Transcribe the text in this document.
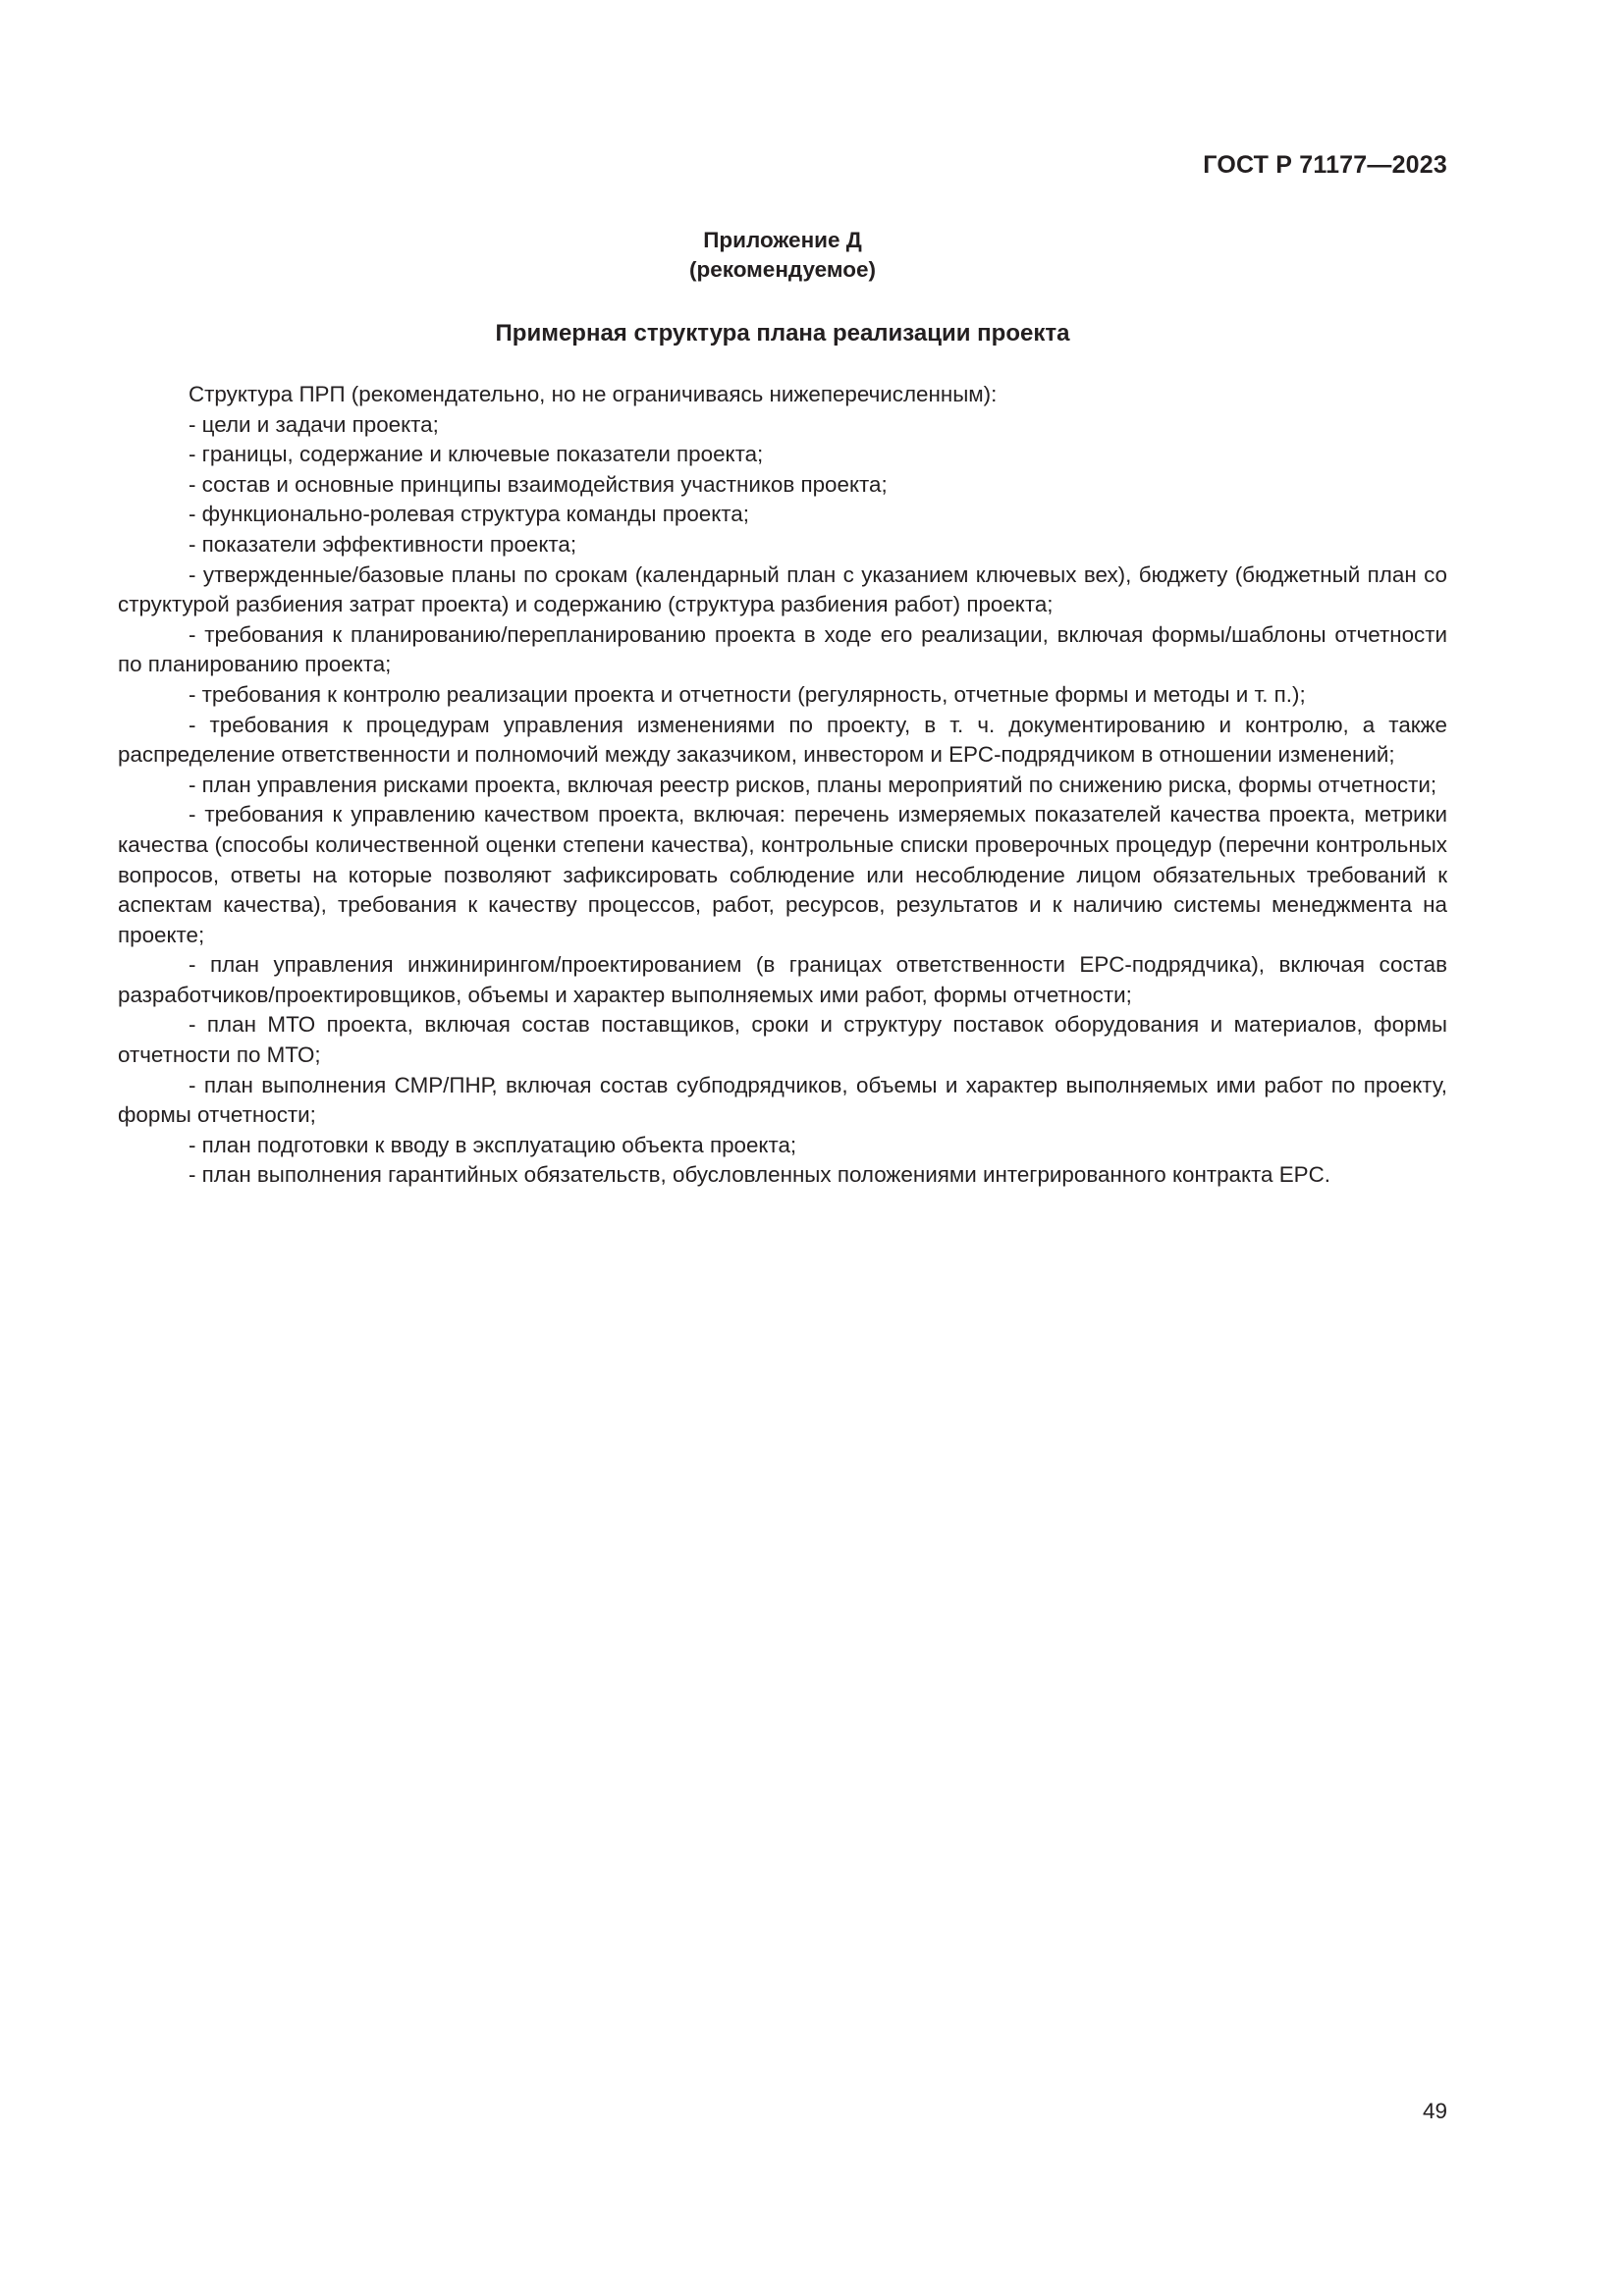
ГОСТ Р 71177—2023
Приложение Д
(рекомендуемое)
Примерная структура плана реализации проекта

Структура ПРП (рекомендательно, но не ограничиваясь нижеперечисленным):

- цели и задачи проекта;

- границы, содержание и ключевые показатели проекта;

- состав и основные принципы взаимодействия участников проекта;

- функционально-ролевая структура команды проекта;

- показатели эффективности проекта;

- утвержденные/базовые планы по срокам (календарный план с указанием ключевых вех), бюджету (бюджетный план со структурой разбиения затрат проекта) и содержанию (структура разбиения работ) проекта;

- требования к планированию/перепланированию проекта в ходе его реализации, включая формы/шаблоны отчетности по планированию проекта;

- требования к контролю реализации проекта и отчетности (регулярность, отчетные формы и методы и т. п.);

- требования к процедурам управления изменениями по проекту, в т. ч. документированию и контролю, а также распределение ответственности и полномочий между заказчиком, инвестором и EPC-подрядчиком в отношении изменений;

- план управления рисками проекта, включая реестр рисков, планы мероприятий по снижению риска, формы отчетности;

- требования к управлению качеством проекта, включая: перечень измеряемых показателей качества проекта, метрики качества (способы количественной оценки степени качества), контрольные списки проверочных процедур (перечни контрольных вопросов, ответы на которые позволяют зафиксировать соблюдение или несоблюдение лицом обязательных требований к аспектам качества), требования к качеству процессов, работ, ресурсов, результатов и к наличию системы менеджмента на проекте;

- план управления инжинирингом/проектированием (в границах ответственности EPC-подрядчика), включая состав разработчиков/проектировщиков, объемы и характер выполняемых ими работ, формы отчетности;

- план МТО проекта, включая состав поставщиков, сроки и структуру поставок оборудования и материалов, формы отчетности по МТО;

- план выполнения СМР/ПНР, включая состав субподрядчиков, объемы и характер выполняемых ими работ по проекту, формы отчетности;

- план подготовки к вводу в эксплуатацию объекта проекта;

- план выполнения гарантийных обязательств, обусловленных положениями интегрированного контракта EPC.

49
